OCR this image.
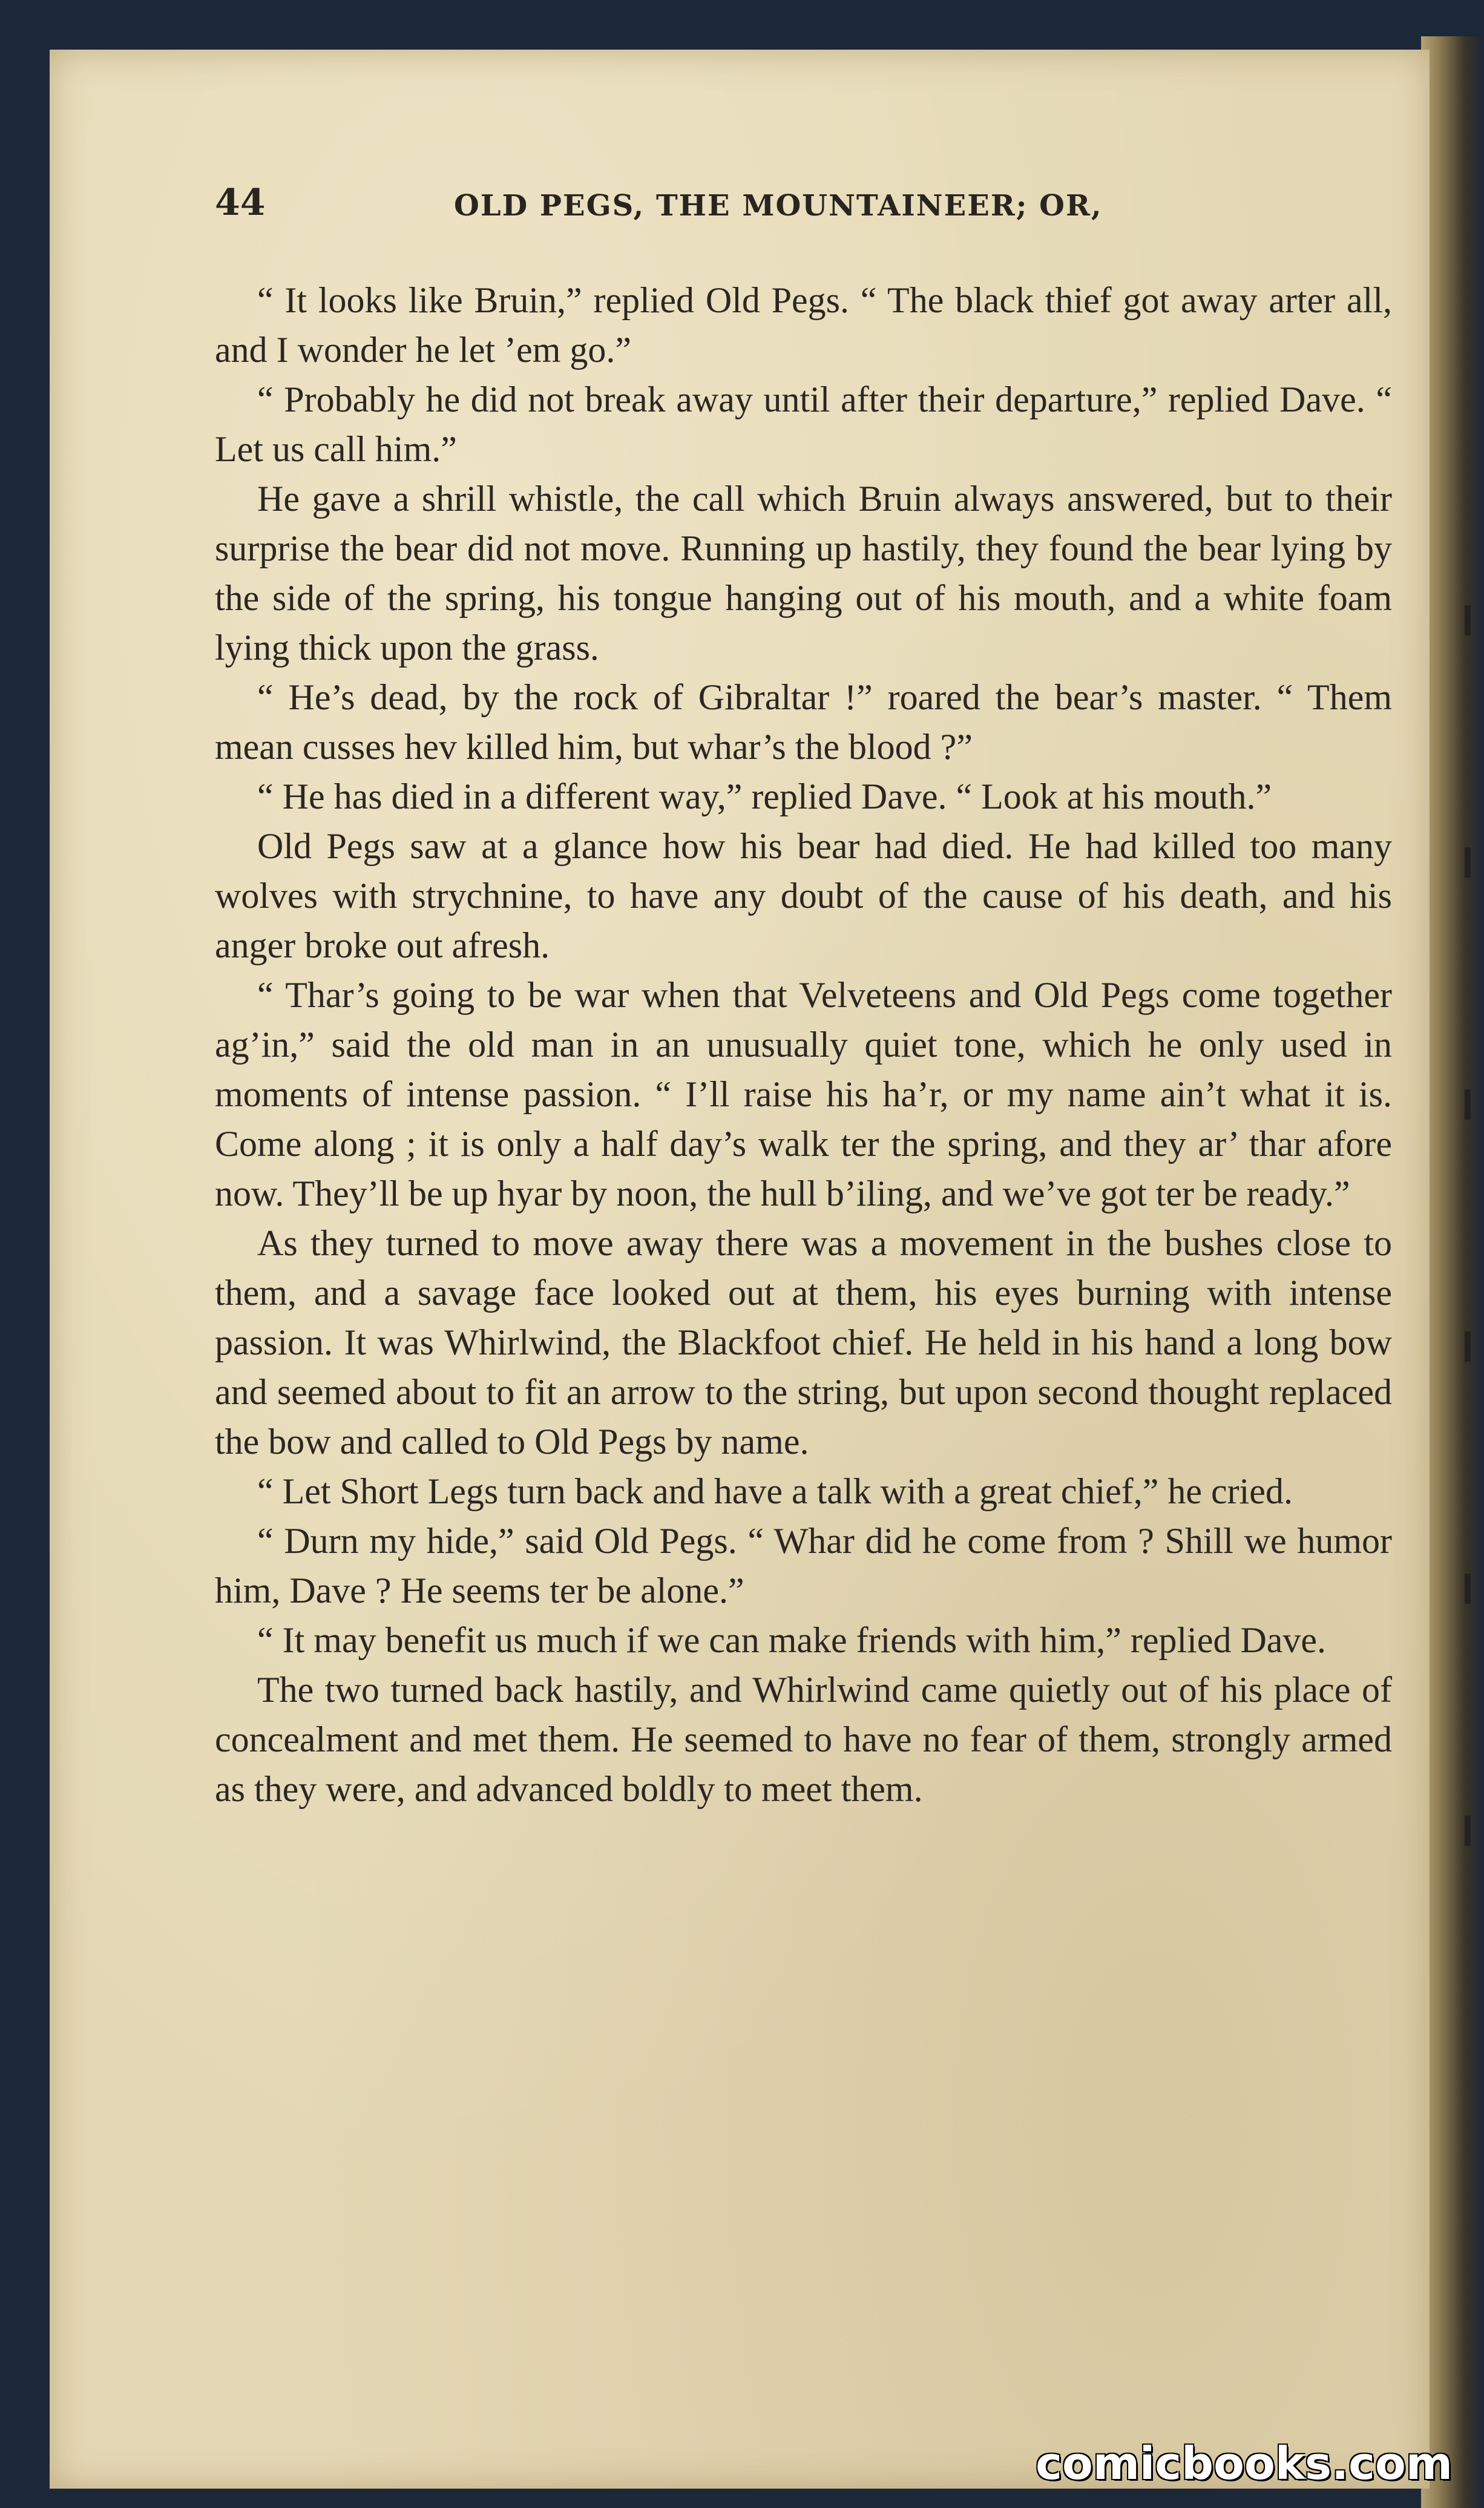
44	OLD PEGS, THE MOUNTAINEER; OR,

“ It looks like Bruin,” replied Old Pegs. “ The black thief got away arter all, and I wonder he let ’em go.”

“ Probably he did not break away until after their departure,” replied Dave. “ Let us call him.”

He gave a shrill whistle, the call which Bruin always answered, but to their surprise the bear did not move. Running up hastily, they found the bear lying by the side of the spring, his tongue hanging out of his mouth, and a white foam lying thick upon the grass.

“ He’s dead, by the rock of Gibraltar !” roared the bear’s master. “ Them mean cusses hev killed him, but whar’s the blood ?”

“ He has died in a different way,” replied Dave. “ Look at his mouth.”

Old Pegs saw at a glance how his bear had died. He had killed too many wolves with strychnine, to have any doubt of the cause of his death, and his anger broke out afresh.

“ Thar’s going to be war when that Velveteens and Old Pegs come together ag’in,” said the old man in an unusually quiet tone, which he only used in moments of intense passion. “ I’ll raise his ha’r, or my name ain’t what it is. Come along ; it is only a half day’s walk ter the spring, and they ar’ thar afore now. They’ll be up hyar by noon, the hull b’iling, and we’ve got ter be ready.”

As they turned to move away there was a movement in the bushes close to them, and a savage face looked out at them, his eyes burning with intense passion. It was Whirlwind, the Blackfoot chief. He held in his hand a long bow and seemed about to fit an arrow to the string, but upon second thought replaced the bow and called to Old Pegs by name.

“ Let Short Legs turn back and have a talk with a great chief,” he cried.

“ Durn my hide,” said Old Pegs. “ Whar did he come from ? Shill we humor him, Dave ? He seems ter be alone.”

“ It may benefit us much if we can make friends with him,” replied Dave.

The two turned back hastily, and Whirlwind came quietly out of his place of concealment and met them. He seemed to have no fear of them, strongly armed as they were, and advanced boldly to meet them.

comicbooks.com
